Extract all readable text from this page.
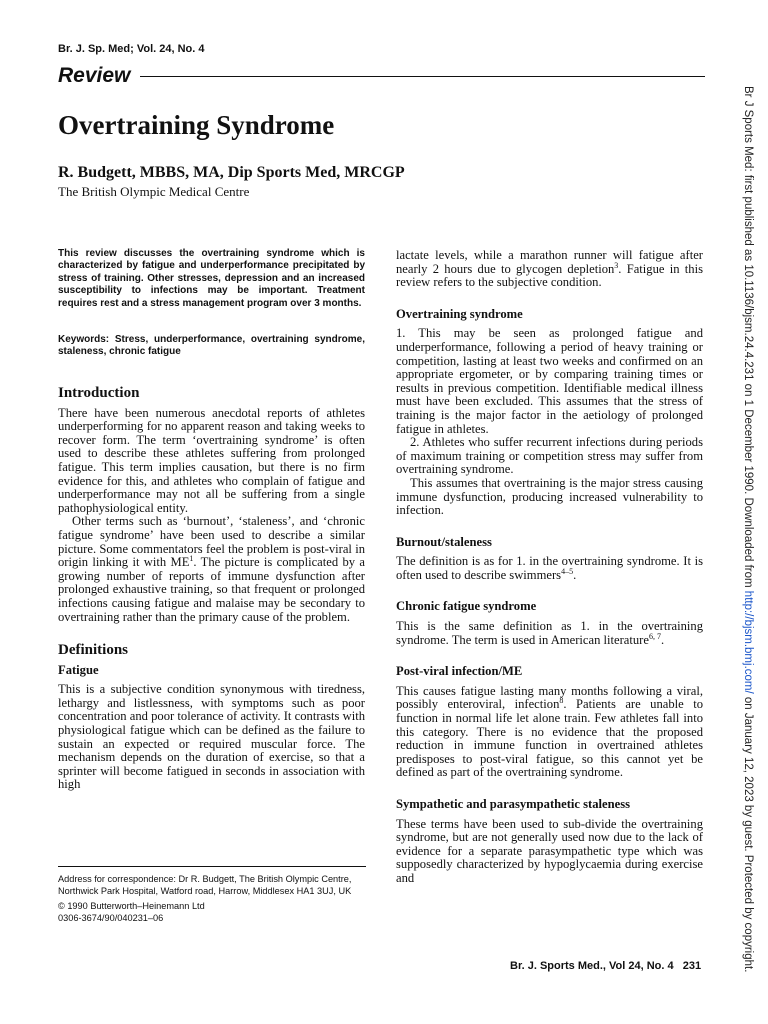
Br. J. Sp. Med; Vol. 24, No. 4
Review
Overtraining Syndrome
R. Budgett, MBBS, MA, Dip Sports Med, MRCGP
The British Olympic Medical Centre
This review discusses the overtraining syndrome which is characterized by fatigue and underperformance precipitated by stress of training. Other stresses, depression and an increased susceptibility to infections may be important. Treatment requires rest and a stress management program over 3 months.
Keywords: Stress, underperformance, overtraining syndrome, staleness, chronic fatigue
Introduction

There have been numerous anecdotal reports of athletes underperforming for no apparent reason and taking weeks to recover form. The term ‘overtraining syndrome’ is often used to describe these athletes suffering from prolonged fatigue. This term implies causation, but there is no firm evidence for this, and athletes who complain of fatigue and underperformance may not all be suffering from a single pathophysiological entity.

Other terms such as ‘burnout’, ‘staleness’, and ‘chronic fatigue syndrome’ have been used to describe a similar picture. Some commentators feel the problem is post-viral in origin linking it with $ME^1$. The picture is complicated by a growing number of reports of immune dysfunction after prolonged exhaustive training, so that frequent or prolonged infections causing fatigue and malaise may be secondary to overtraining rather than the primary cause of the problem.

Definitions
Fatigue

This is a subjective condition synonymous with tiredness, lethargy and listlessness, with symptoms such as poor concentration and poor tolerance of activity. It contrasts with physiological fatigue which can be defined as the failure to sustain an expected or required muscular force. The mechanism depends on the duration of exercise, so that a sprinter will become fatigued in seconds in association with high

Address for correspondence: Dr R. Budgett, The British Olympic Centre, Northwick Park Hospital, Watford road, Harrow, Middlesex HA1 3UJ, UK

© 1990 Butterworth–Heinemann Ltd

0306-3674/90/040231–06

lactate levels, while a marathon runner will fatigue after nearly 2 hours due to glycogen depletion$^3$. Fatigue in this review refers to the subjective condition.

Overtraining syndrome

1. This may be seen as prolonged fatigue and underperformance, following a period of heavy training or competition, lasting at least two weeks and confirmed on an appropriate ergometer, or by comparing training times or results in previous competition. Identifiable medical illness must have been excluded. This assumes that the stress of training is the major factor in the aetiology of prolonged fatigue in athletes.

2. Athletes who suffer recurrent infections during periods of maximum training or competition stress may suffer from overtraining syndrome.

This assumes that overtraining is the major stress causing immune dysfunction, producing increased vulnerability to infection.

Burnout/staleness

The definition is as for 1. in the overtraining syndrome. It is often used to describe swimmers$^{4-5}$.

Chronic fatigue syndrome

This is the same definition as 1. in the overtraining syndrome. The term is used in American literature$^{6, 7}$.

Post-viral infection/ME

This causes fatigue lasting many months following a viral, possibly enteroviral, infection$^8$. Patients are unable to function in normal life let alone train. Few athletes fall into this category. There is no evidence that the proposed reduction in immune function in overtrained athletes predisposes to post-viral fatigue, so this cannot yet be defined as part of the overtraining syndrome.

Sympathetic and parasympathetic staleness

These terms have been used to sub-divide the overtraining syndrome, but are not generally used now due to the lack of evidence for a separate parasympathetic type which was supposedly characterized by hypoglycaemia during exercise and

Br. J. Sports Med., Vol 24, No. 4   231
Br J Sports Med: first published as 10.1136/bjsm.24.4.231 on 1 December 1990. Downloaded from http://bjsm.bmj.com/ on January 12, 2023 by guest. Protected by copyright.
